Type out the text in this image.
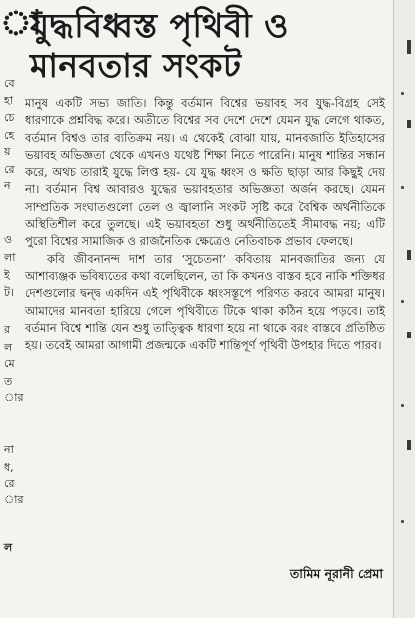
া
বে
হা
চে
হে
য়
রে
ন
ও
লা
ই
ট।
র
ল
মে
ত
ার
না
ধ,
রে
ার
ল
যুদ্ধবিধ্বস্ত পৃথিবী ও
মানবতার সংকট

মানুষ একটি সভ্য জাতি। কিন্তু বর্তমান বিশ্বের ভয়াবহ সব যুদ্ধ-বিগ্রহ সেই ধারণাকে প্রশ্নবিদ্ধ করে। অতীতে বিশ্বের সব দেশে দেশে যেমন যুদ্ধ লেগে থাকত, বর্তমান বিশ্বও তার ব্যতিক্রম নয়। এ থেকেই বোঝা যায়, মানবজাতি ইতিহাসের ভয়াবহ অভিজ্ঞতা থেকে এখনও যথেষ্ট শিক্ষা নিতে পারেনি। মানুষ শান্তির সন্ধান করে, অথচ তারাই যুদ্ধে লিপ্ত হয়- যে যুদ্ধ ধ্বংস ও ক্ষতি ছাড়া আর কিছুই দেয় না। বর্তমান বিশ্ব আবারও যুদ্ধের ভয়াবহতার অভিজ্ঞতা অর্জন করছে। যেমন সাম্প্রতিক সংঘাতগুলো তেল ও জ্বালানি সংকট সৃষ্টি করে বৈশ্বিক অর্থনীতিকে অস্থিতিশীল করে তুলছে। এই ভয়াবহতা শুধু অর্থনীতিতেই সীমাবদ্ধ নয়; এটি পুরো বিশ্বের সামাজিক ও রাজনৈতিক ক্ষেত্রেও নেতিবাচক প্রভাব ফেলছে।

কবি জীবনানন্দ দাশ তার ‘সুচেতনা’ কবিতায় মানবজাতির জন্য যে আশাব্যঞ্জক ভবিষ্যতের কথা বলেছিলেন, তা কি কখনও বাস্তব হবে নাকি শক্তিধর দেশগুলোর দ্বন্দ্ব একদিন এই পৃথিবীকে ধ্বংসস্তূপে পরিণত করবে আমরা মানুষ। আমাদের মানবতা হারিয়ে গেলে পৃথিবীতে টিকে থাকা কঠিন হয়ে পড়বে। তাই বর্তমান বিশ্বে শান্তি যেন শুধু তাত্ত্বিক ধারণা হয়ে না থাকে বরং বাস্তবে প্রতিষ্ঠিত হয়। তবেই আমরা আগামী প্রজন্মকে একটি শান্তিপূর্ণ পৃথিবী উপহার দিতে পারব।

তামিম নূরানী প্রেমা
